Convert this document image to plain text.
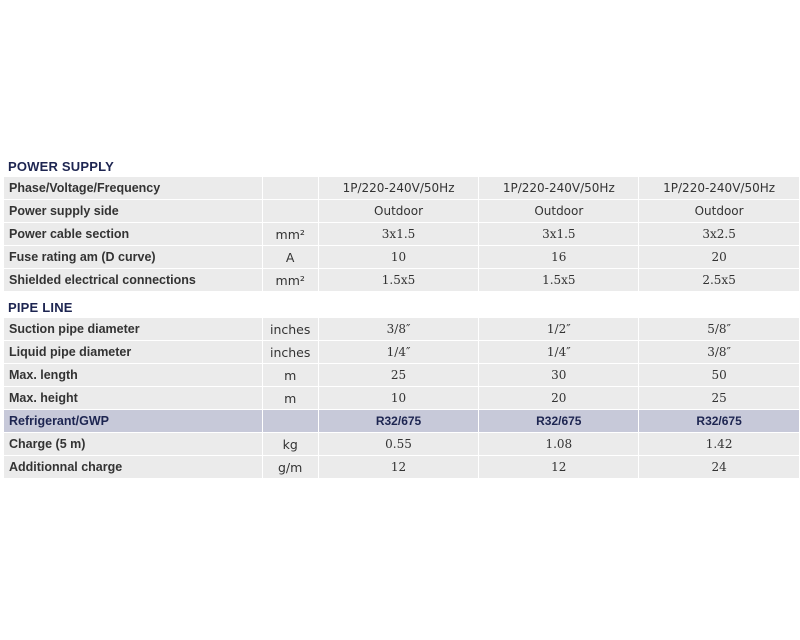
POWER SUPPLY
Phase/Voltage/Frequency		1P/220-240V/50Hz	1P/220-240V/50Hz	1P/220-240V/50Hz
Power supply side		Outdoor	Outdoor	Outdoor
Power cable section	mm²	3x1.5	3x1.5	3x2.5
Fuse rating am (D curve)	A	10	16	20
Shielded electrical connections	mm²	1.5x5	1.5x5	2.5x5
PIPE LINE
Suction pipe diameter	inches	3/8″	1/2″	5/8″
Liquid pipe diameter	inches	1/4″	1/4″	3/8″
Max. length	m	25	30	50
Max. height	m	10	20	25
Refrigerant/GWP		R32/675	R32/675	R32/675
Charge (5 m)	kg	0.55	1.08	1.42
Additionnal charge	g/m	12	12	24
